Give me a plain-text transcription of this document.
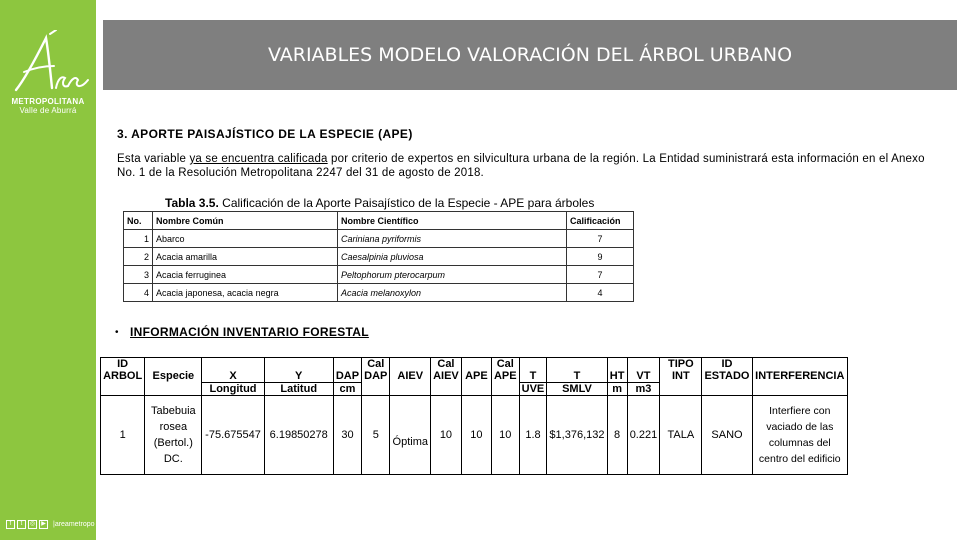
METROPOLITANA
Valle de Aburrá
f	t	◎	▶	|areametropo
VARIABLES MODELO VALORACIÓN DEL ÁRBOL URBANO
3. APORTE PAISAJÍSTICO DE LA ESPECIE (APE)
Esta variable ya se encuentra calificada por criterio de expertos en silvicultura urbana de la región. La Entidad suministrará esta información en el Anexo No. 1 de la Resolución Metropolitana 2247 del 31 de agosto de 2018.
Tabla 3.5. Calificación de la Aporte Paisajístico de la Especie - APE para árboles
No.	Nombre Común	Nombre Científico	Calificación
1	Abarco	Cariniana pyriformis	7
2	Acacia amarilla	Caesalpinia pluviosa	9
3	Acacia ferruginea	Peltophorum pterocarpum	7
4	Acacia japonesa, acacia negra	Acacia melanoxylon	4
• INFORMACIÓN INVENTARIO FORESTAL
ID					Cal		Cal		Cal					TIPO	ID	
ARBOL	Especie	X	Y	DAP	DAP	AIEV	AIEV	APE	APE	T	T	HT	VT	INT	ESTADO	INTERFERENCIA
		Longitud	Latitud	cm						UVE	SMLV	m	m3			
1	Tabebuia rosea (Bertol.) DC.	-75.675547	6.19850278	30	5	Óptima	10	10	10	1.8	$1,376,132	8	0.221	TALA	SANO	Interfiere con vaciado de las columnas del centro del edificio
